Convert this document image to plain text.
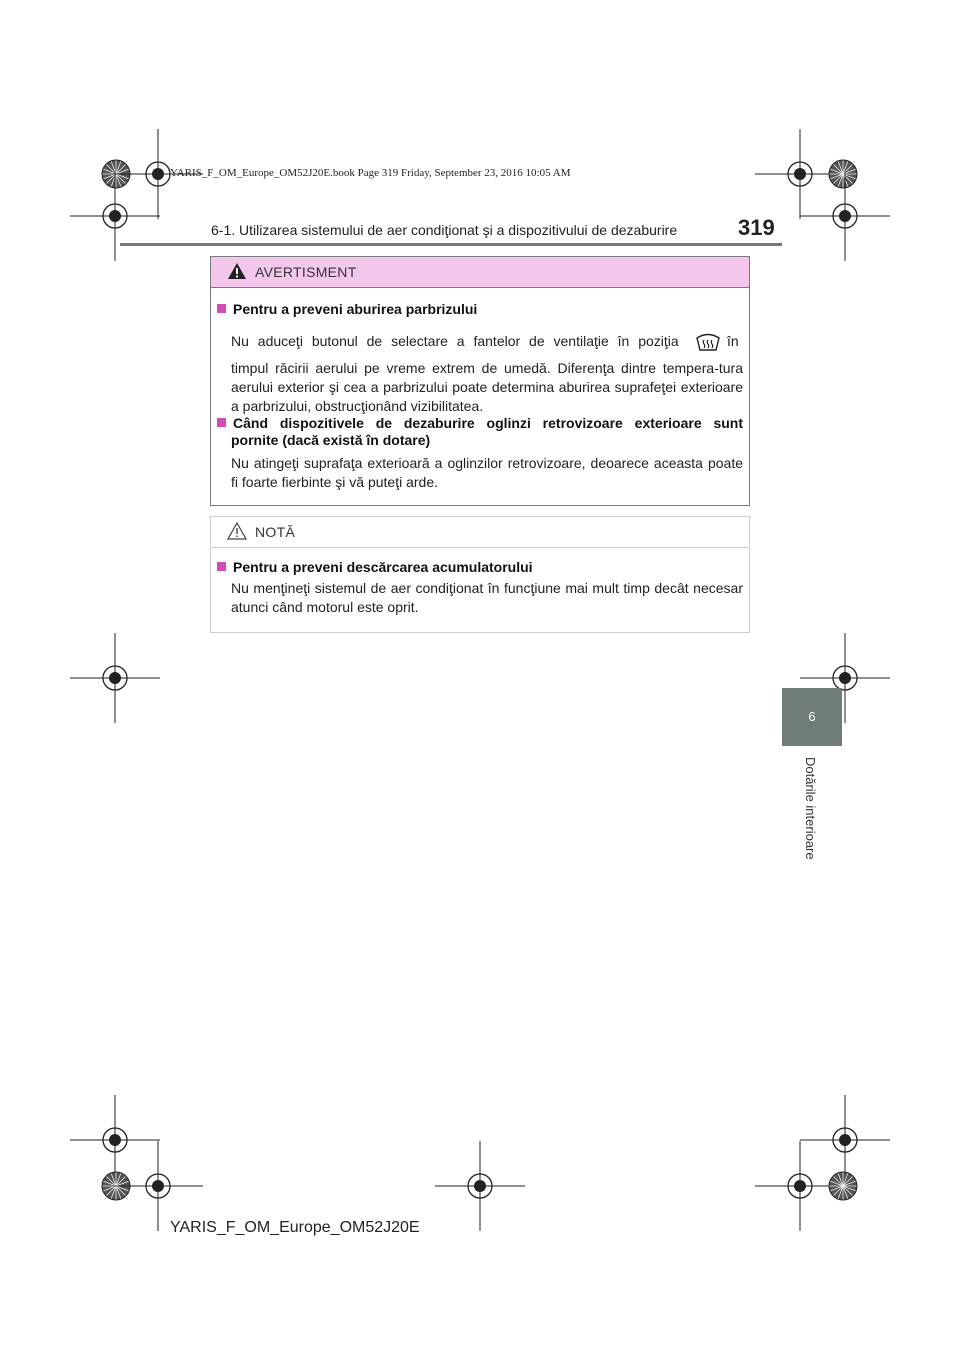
YARIS_F_OM_Europe_OM52J20E.book Page 319 Friday, September 23, 2016 10:05 AM
6-1. Utilizarea sistemului de aer condiţionat şi a dispozitivului de dezaburire	319
6
Dotările interioare
AVERTISMENT
Pentru a preveni aburirea parbrizului
Nu aduceţi butonul de selectare a fantelor de ventilaţie în poziţia	în
timpul răcirii aerului pe vreme extrem de umedă. Diferenţa dintre tempera-tura aerului exterior şi cea a parbrizului poate determina aburirea suprafeţei exterioare a parbrizului, obstrucţionând vizibilitatea.
Când dispozitivele de dezaburire oglinzi retrovizoare exterioare sunt
pornite (dacă există în dotare)
Nu atingeţi suprafaţa exterioară a oglinzilor retrovizoare, deoarece aceasta poate fi foarte fierbinte şi vă puteţi arde.
NOTĂ
Pentru a preveni descărcarea acumulatorului
Nu menţineţi sistemul de aer condiţionat în funcţiune mai mult timp decât necesar atunci când motorul este oprit.
YARIS_F_OM_Europe_OM52J20E
